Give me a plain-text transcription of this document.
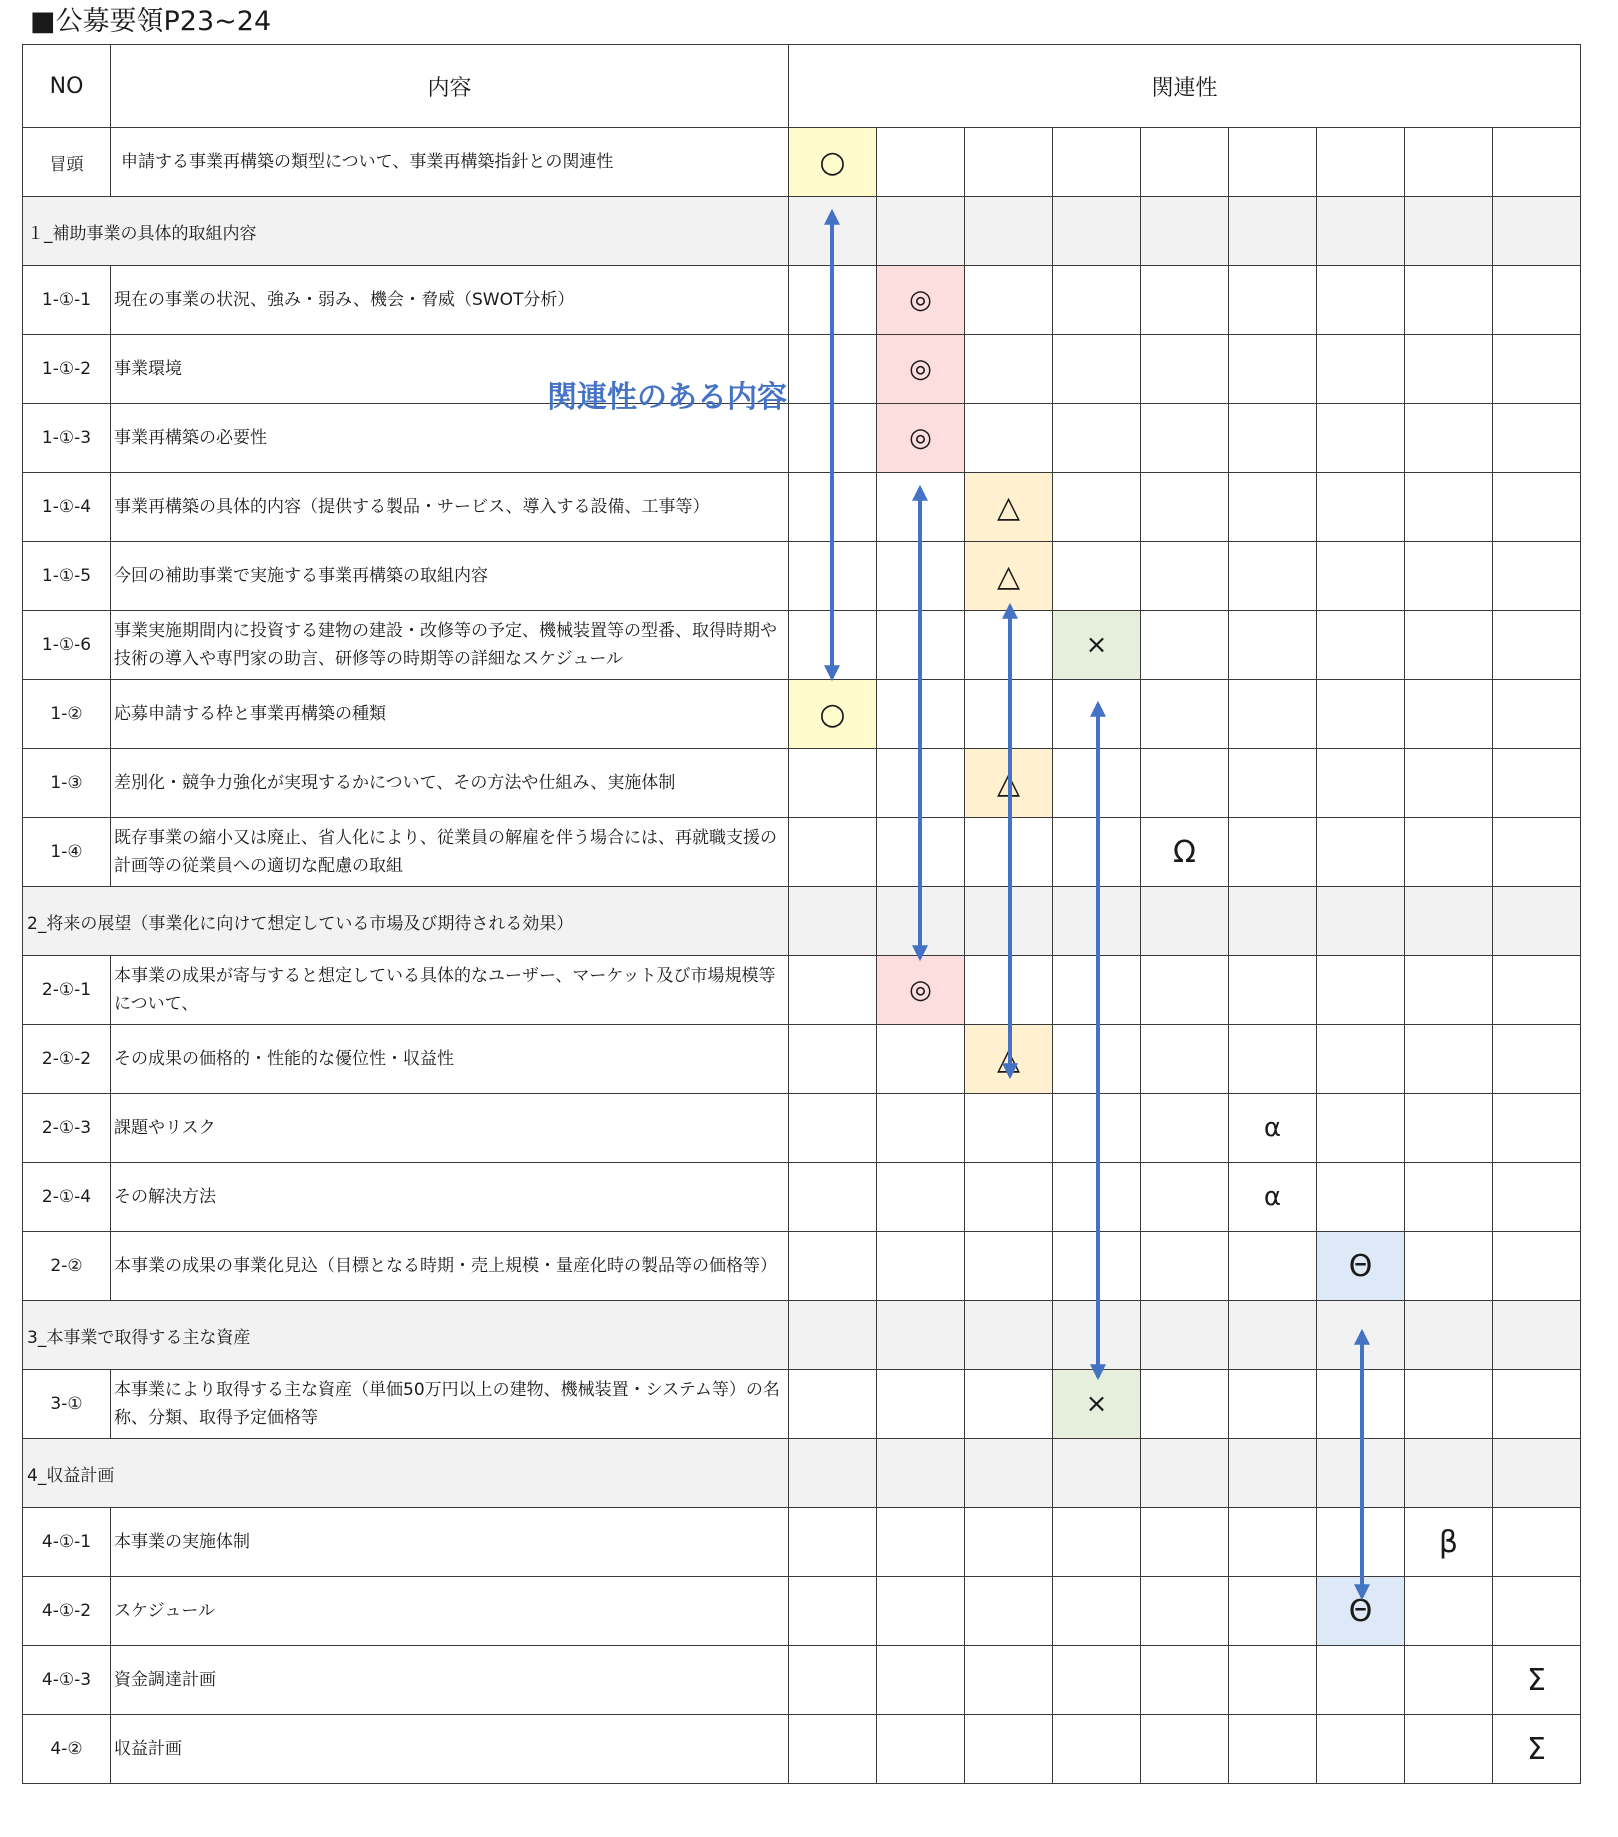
■公募要領P23~24
NO	内容	関連性								
冒頭	申請する事業再構築の類型について、事業再構築指針との関連性	○								
１_補助事業の具体的取組内容										
1-①-1	現在の事業の状況、強み・弱み、機会・脅威（SWOT分析）		◎							
1-①-2	事業環境		◎							
1-①-3	事業再構築の必要性		◎							
1-①-4	事業再構築の具体的内容（提供する製品・サービス、導入する設備、工事等）			△						
1-①-5	今回の補助事業で実施する事業再構築の取組内容			△						
1-①-6	事業実施期間内に投資する建物の建設・改修等の予定、機械装置等の型番、取得時期や技術の導入や専門家の助言、研修等の時期等の詳細なスケジュール				×					
1-②	応募申請する枠と事業再構築の種類	○								
1-③	差別化・競争力強化が実現するかについて、その方法や仕組み、実施体制			△						
1-④	既存事業の縮小又は廃止、省人化により、従業員の解雇を伴う場合には、再就職支援の計画等の従業員への適切な配慮の取組					Ω				
2_将来の展望（事業化に向けて想定している市場及び期待される効果）										
2-①-1	本事業の成果が寄与すると想定している具体的なユーザー、マーケット及び市場規模等について、		◎							
2-①-2	その成果の価格的・性能的な優位性・収益性			△						
2-①-3	課題やリスク						α			
2-①-4	その解決方法						α			
2-②	本事業の成果の事業化見込（目標となる時期・売上規模・量産化時の製品等の価格等）							Θ		
3_本事業で取得する主な資産										
3-①	本事業により取得する主な資産（単価50万円以上の建物、機械装置・システム等）の名称、分類、取得予定価格等				×					
4_収益計画										
4-①-1	本事業の実施体制								β	
4-①-2	スケジュール							Θ		
4-①-3	資金調達計画									Σ
4-②	収益計画									Σ
関連性のある内容
